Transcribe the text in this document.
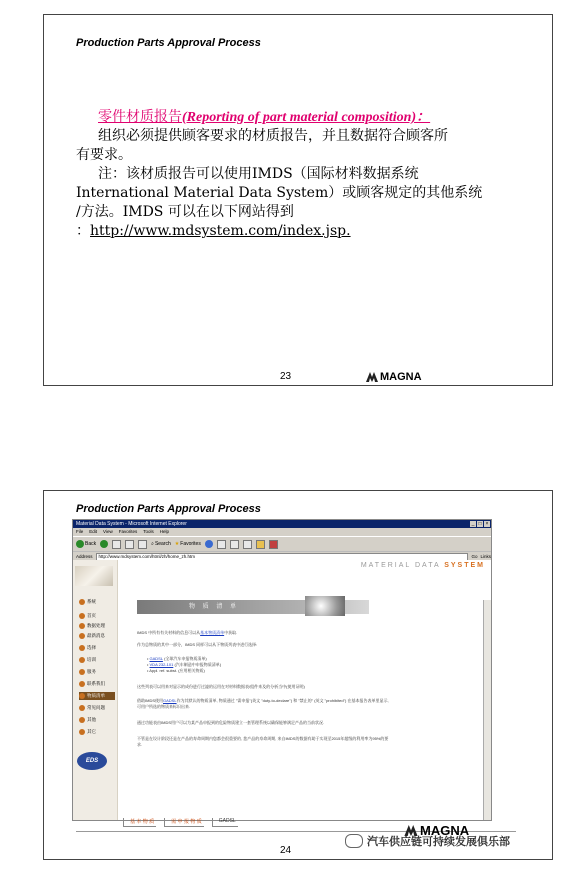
Production Parts Approval Process
零件材质报告(Reporting of part material composition)：
组织必须提供顾客要求的材质报告，并且数据符合顾客所
有要求。
注：该材质报告可以使用IMDS（国际材料数据系统
International Material Data System）或顾客规定的其他系统
/方法。IMDS 可以在以下网站得到
：http://www.mdsystem.com/index.jsp.
23	MAGNA
Production Parts Approval Process
Material Data System - Microsoft Internet Explorer	_ □ ×
File Edit View Favorites Tools Help
Back	⌕ Search ★ Favorites
Address	http://www.mdsystem.com/html/zh/home_zh.htm	Go Links
系统
首页
数据处理
最新消息
选择
培训
服务
联系我们
物质清单
常见问题
其他
其它
EDS
MATERIAL DATA SYSTEM
物 质 清 单
IMDS 中所有有关材料的信息可以从基本物质清单中获取.
作为总物质的其中一部分，IMDS 同样可以从下物质列表中进行选择:
• GADSL (全球汽车申报物质清单)
• VDA 232-101 (汽车制造中申报物质清单)
• Appl. ref. subst. (应用相关物质)
这些列表可以用来对显示的成份进行过滤的运用在对材料数据表/组件来及的分析当中(使用证明)
借助IMDS使用GADSL作为其默认的物质清单, 物质通过 "需申报"(英文 "duty-to-declare") 和 "禁止的" (英文 "prohibited") 在基本报告表单里显示, 可用户所选的物质来标识出来.
通过功能表由IMDS用户可以为某产品申报到的危险物质建立一套管理系统以确保能够满足产品的当前状况.
不管是在设计阶段还是在产品的寿命周期内您都会很重要的, 您产品的寿命周期, 来自IMDS的数据有助于实现至2015年超级的利用率为95%的要求.
基 本 物 质	需 申 报 物 质	GADSL
MAGNA
24
汽车供应链可持续发展俱乐部
